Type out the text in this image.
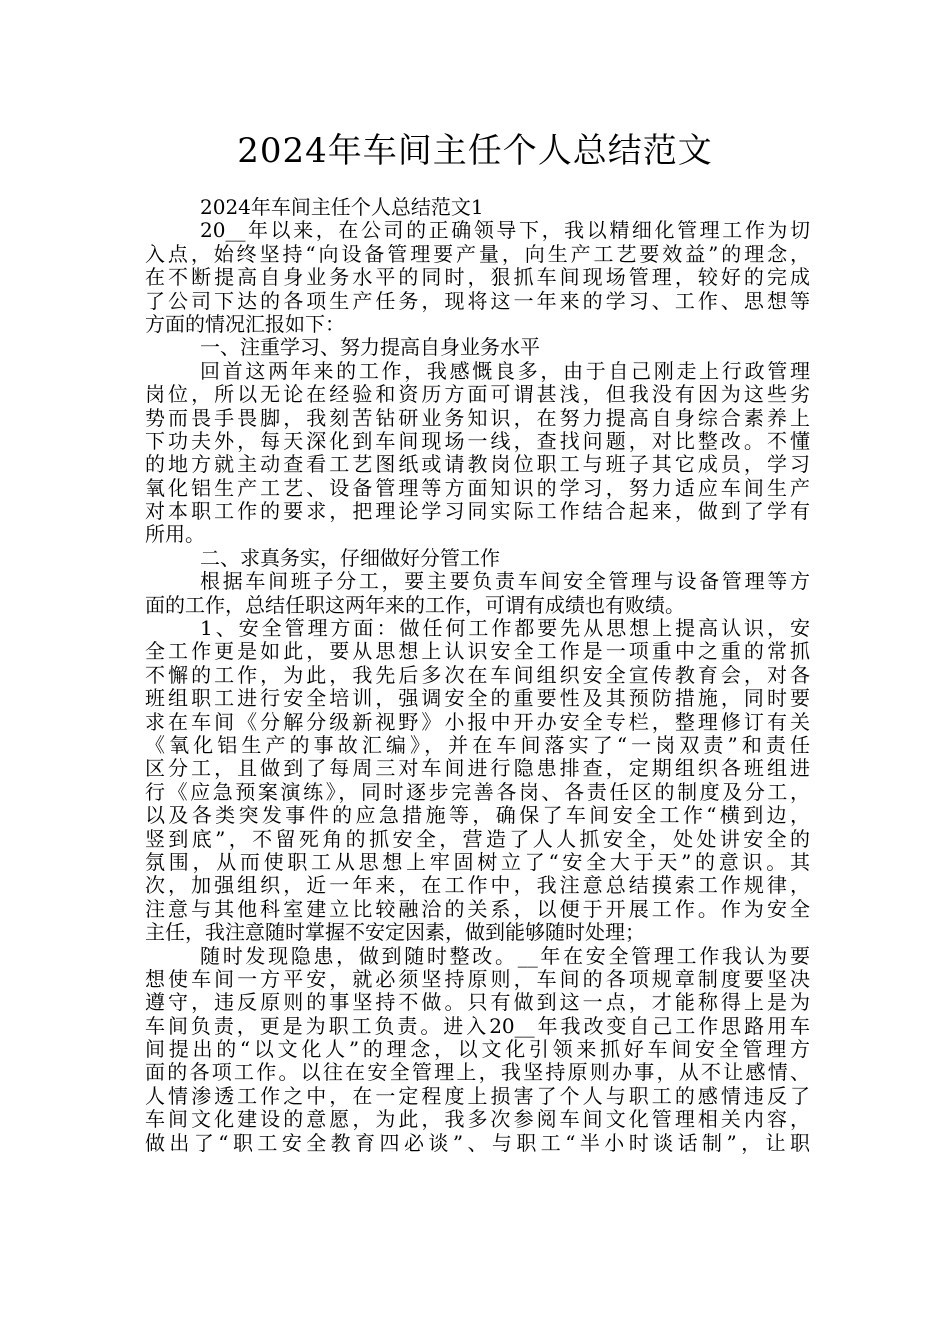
2024年车间主任个人总结范文
2024年车间主任个人总结范文1
20__年以来，在公司的正确领导下，我以精细化管理工作为切
入点，始终坚持“向设备管理要产量，向生产工艺要效益”的理念，
在不断提高自身业务水平的同时，狠抓车间现场管理，较好的完成
了公司下达的各项生产任务，现将这一年来的学习、工作、思想等
方面的情况汇报如下：
一、注重学习、努力提高自身业务水平
回首这两年来的工作，我感慨良多，由于自己刚走上行政管理
岗位，所以无论在经验和资历方面可谓甚浅，但我没有因为这些劣
势而畏手畏脚，我刻苦钻研业务知识，在努力提高自身综合素养上
下功夫外，每天深化到车间现场一线，查找问题，对比整改。不懂
的地方就主动查看工艺图纸或请教岗位职工与班子其它成员，学习
氧化铝生产工艺、设备管理等方面知识的学习，努力适应车间生产
对本职工作的要求，把理论学习同实际工作结合起来，做到了学有
所用。
二、求真务实，仔细做好分管工作
根据车间班子分工，要主要负责车间安全管理与设备管理等方
面的工作，总结任职这两年来的工作，可谓有成绩也有败绩。
1、安全管理方面：做任何工作都要先从思想上提高认识，安
全工作更是如此，要从思想上认识安全工作是一项重中之重的常抓
不懈的工作，为此，我先后多次在车间组织安全宣传教育会，对各
班组职工进行安全培训，强调安全的重要性及其预防措施，同时要
求在车间《分解分级新视野》小报中开办安全专栏，整理修订有关
《氧化铝生产的事故汇编》，并在车间落实了“一岗双责”和责任
区分工，且做到了每周三对车间进行隐患排查，定期组织各班组进
行《应急预案演练》，同时逐步完善各岗、各责任区的制度及分工，
以及各类突发事件的应急措施等，确保了车间安全工作“横到边，
竖到底”，不留死角的抓安全，营造了人人抓安全，处处讲安全的
氛围，从而使职工从思想上牢固树立了“安全大于天”的意识。其
次，加强组织，近一年来，在工作中，我注意总结摸索工作规律，
注意与其他科室建立比较融洽的关系，以便于开展工作。作为安全
主任，我注意随时掌握不安定因素，做到能够随时处理；
随时发现隐患，做到随时整改。__年在安全管理工作我认为要
想使车间一方平安，就必须坚持原则，车间的各项规章制度要坚决
遵守，违反原则的事坚持不做。只有做到这一点，才能称得上是为
车间负责，更是为职工负责。进入20__年我改变自己工作思路用车
间提出的“以文化人”的理念，以文化引领来抓好车间安全管理方
面的各项工作。以往在安全管理上，我坚持原则办事，从不让感情、
人情渗透工作之中，在一定程度上损害了个人与职工的感情违反了
车间文化建设的意愿，为此，我多次参阅车间文化管理相关内容，
做出了“职工安全教育四必谈”、与职工“半小时谈话制”，让职
